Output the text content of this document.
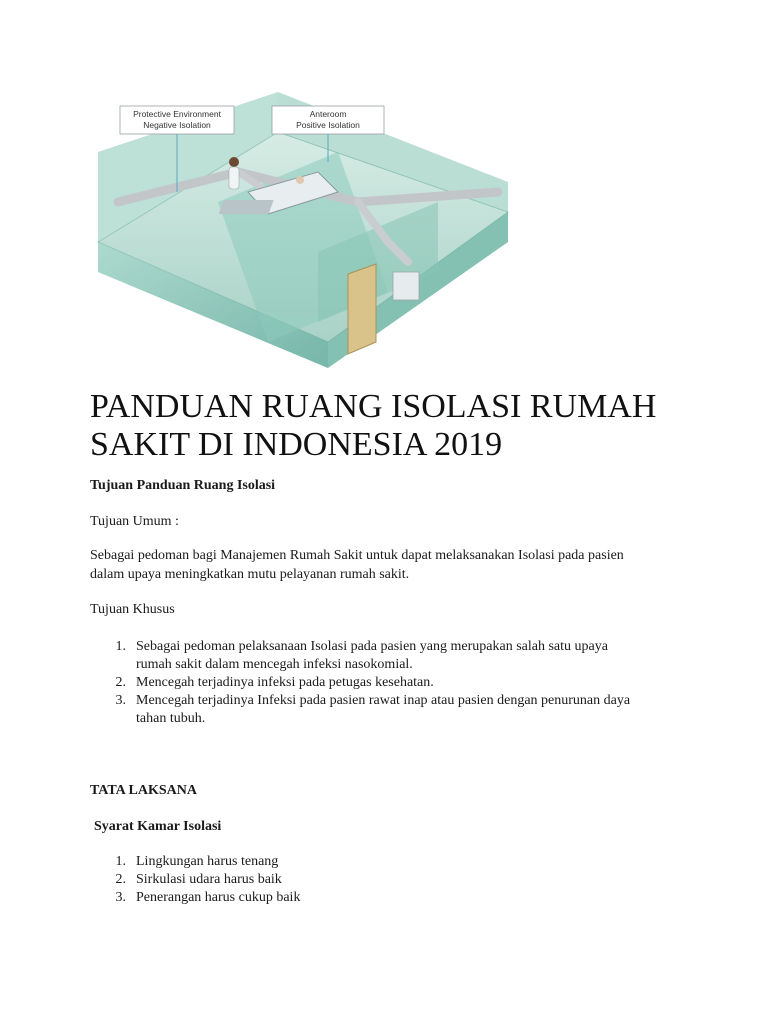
Protective Environment
Negative Isolation
Anteroom
Positive Isolation
PANDUAN RUANG ISOLASI RUMAH
SAKIT DI INDONESIA 2019

Tujuan Panduan Ruang Isolasi

Tujuan Umum :

Sebagai pedoman bagi Manajemen Rumah Sakit untuk dapat melaksanakan Isolasi pada pasien
dalam upaya meningkatkan mutu pelayanan rumah sakit.

Tujuan Khusus

1. Sebagai pedoman pelaksanaan Isolasi pada pasien yang merupakan salah satu upaya
rumah sakit dalam mencegah infeksi nasokomial.
2. Mencegah terjadinya infeksi pada petugas kesehatan.
3. Mencegah terjadinya Infeksi pada pasien rawat inap atau pasien dengan penurunan daya
tahan tubuh.

TATA LAKSANA

Syarat Kamar Isolasi

1. Lingkungan harus tenang
2. Sirkulasi udara harus baik
3. Penerangan harus cukup baik
